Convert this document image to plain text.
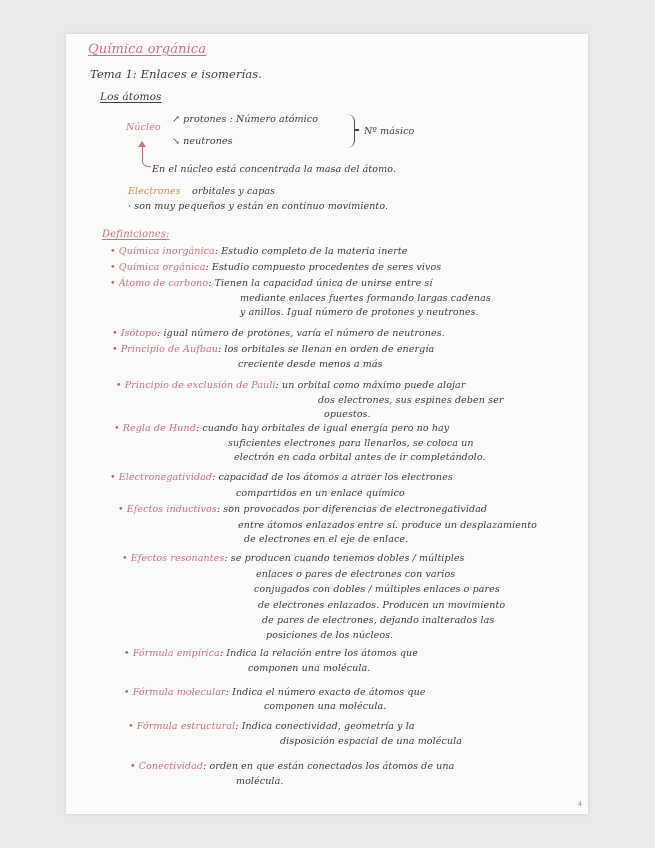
Química orgánica
Tema 1: Enlaces e isomerías.
Los átomos
Núcleo
↗ protones : Número atómico
↘ neutrones
Nº másico
En el núcleo está concentrada la masa del átomo.
Electrones orbitales y capas
· son muy pequeños y están en continuo movimiento.
Definiciones:
• Química inorgánica: Estudio completo de la materia inerte
• Química orgánica: Estudio compuesto procedentes de seres vivos
• Átomo de carbono: Tienen la capacidad única de unirse entre sí
mediante enlaces fuertes formando largas cadenas
y anillos. Igual número de protones y neutrones.
• Isótopo: igual número de protones, varía el número de neutrones.
• Principio de Aufbau: los orbitales se llenan en orden de energía
creciente desde menos a más
• Principio de exclusión de Pauli: un orbital como máximo puede alojar
dos electrones, sus espines deben ser
opuestos.
• Regla de Hund: cuando hay orbitales de igual energía pero no hay
suficientes electrones para llenarlos, se coloca un
electrón en cada orbital antes de ir completándolo.
• Electronegatividad: capacidad de los átomos a atraer los electrones
compartidos en un enlace químico
• Efectos inductivos: son provocados por diferencias de electronegatividad
entre átomos enlazados entre sí. produce un desplazamiento
de electrones en el eje de enlace.
• Efectos resonantes: se producen cuando tenemos dobles / múltiples
enlaces o pares de electrones con varios
conjugados con dobles / múltiples enlaces o pares
de electrones enlazados. Producen un movimiento
de pares de electrones, dejando inalterados las
posiciones de los núcleos.
• Fórmula empírica: Indica la relación entre los átomos que
componen una molécula.
• Fórmula molecular: Indica el número exacto de átomos que
componen una molécula.
• Fórmula estructural: Indica conectividad, geometría y la
disposición espacial de una molécula
• Conectividad: orden en que están conectados los átomos de una
molécula.
4
